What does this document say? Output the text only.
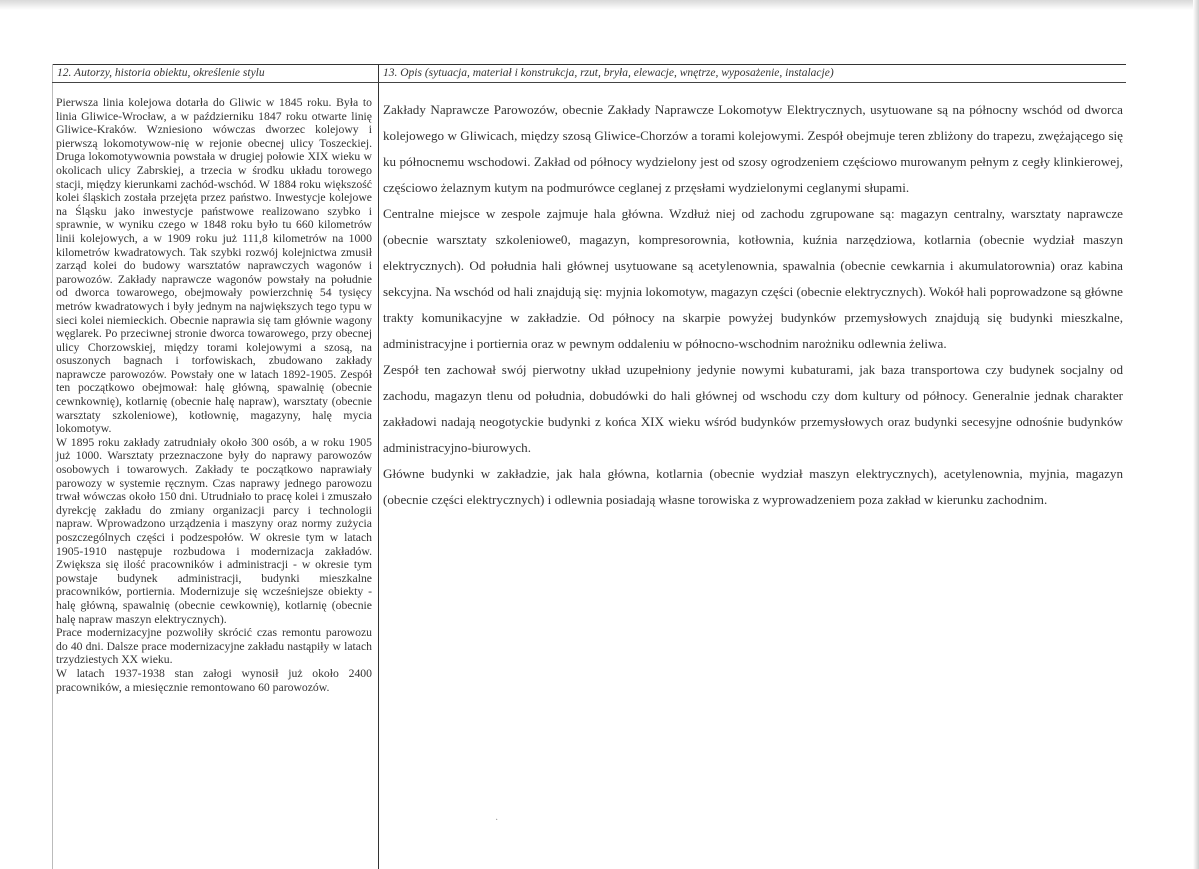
12. Autorzy, historia obiektu, określenie stylu	13. Opis (sytuacja, materiał i konstrukcja, rzut, bryła, elewacje, wnętrze, wyposażenie, instalacje)

Pierwsza linia kolejowa dotarła do Gliwic w 1845 roku. Była to linia Gliwice-Wrocław, a w październiku 1847 roku otwarte linię Gliwice-Kraków. Wzniesiono wówczas dworzec kolejowy i pierwszą lokomotywow-nię w rejonie obecnej ulicy Toszeckiej. Druga lokomotywownia powstała w drugiej połowie XIX wieku w okolicach ulicy Zabrskiej, a trzecia w środku układu torowego stacji, między kierunkami zachód-wschód. W 1884 roku większość kolei śląskich została przejęta przez państwo. Inwestycje kolejowe na Śląsku jako inwestycje państwowe realizowano szybko i sprawnie, w wyniku czego w 1848 roku było tu 660 kilometrów linii kolejowych, a w 1909 roku już 111,8 kilometrów na 1000 kilometrów kwadratowych. Tak szybki rozwój kolejnictwa zmusił zarząd kolei do budowy warsztatów naprawczych wagonów i parowozów. Zakłady naprawcze wagonów powstały na południe od dworca towarowego, obejmowały powierzchnię 54 tysięcy metrów kwadratowych i były jednym na największych tego typu w sieci kolei niemieckich. Obecnie naprawia się tam głównie wagony węglarek. Po przeciwnej stronie dworca towarowego, przy obecnej ulicy Chorzowskiej, między torami kolejowymi a szosą, na osuszonych bagnach i torfowiskach, zbudowano zakłady naprawcze parowozów. Powstały one w latach 1892-1905. Zespół ten początkowo obejmował: halę główną, spawalnię (obecnie cewnkownię), kotlarnię (obecnie halę napraw), warsztaty (obecnie warsztaty szkoleniowe), kotłownię, magazyny, halę mycia lokomotyw.

W 1895 roku zakłady zatrudniały około 300 osób, a w roku 1905 już 1000. Warsztaty przeznaczone były do naprawy parowozów osobowych i towarowych. Zakłady te początkowo naprawiały parowozy w systemie ręcznym. Czas naprawy jednego parowozu trwał wówczas około 150 dni. Utrudniało to pracę kolei i zmuszało dyrekcję zakładu do zmiany organizacji parcy i technologii napraw. Wprowadzono urządzenia i maszyny oraz normy zużycia poszczególnych części i podzespołów. W okresie tym w latach 1905-1910 następuje rozbudowa i modernizacja zakładów. Zwiększa się ilość pracowników i administracji - w okresie tym powstaje budynek administracji, budynki mieszkalne pracowników, portiernia. Modernizuje się wcześniejsze obiekty - halę główną, spawalnię (obecnie cewkownię), kotlarnię (obecnie halę napraw maszyn elektrycznych).

Prace modernizacyjne pozwoliły skrócić czas remontu parowozu do 40 dni. Dalsze prace modernizacyjne zakładu nastąpiły w latach trzydziestych XX wieku.

W latach 1937-1938 stan załogi wynosił już około 2400 pracowników, a miesięcznie remontowano 60 parowozów.

Zakłady Naprawcze Parowozów, obecnie Zakłady Naprawcze Lokomotyw Elektrycznych, usytuowane są na północny wschód od dworca kolejowego w Gliwicach, między szosą Gliwice-Chorzów a torami kolejowymi. Zespół obejmuje teren zbliżony do trapezu, zwężającego się ku północnemu wschodowi. Zakład od północy wydzielony jest od szosy ogrodzeniem częściowo murowanym pełnym z cegły klinkierowej, częściowo żelaznym kutym na podmurówce ceglanej z przęsłami wydzielonymi ceglanymi słupami.

Centralne miejsce w zespole zajmuje hala główna. Wzdłuż niej od zachodu zgrupowane są: magazyn centralny, warsztaty naprawcze (obecnie warsztaty szkoleniowe0, magazyn, kompresorownia, kotłownia, kuźnia narzędziowa, kotlarnia (obecnie wydział maszyn elektrycznych). Od południa hali głównej usytuowane są acetylenownia, spawalnia (obecnie cewkarnia i akumulatorownia) oraz kabina sekcyjna. Na wschód od hali znajdują się: myjnia lokomotyw, magazyn części (obecnie elektrycznych). Wokół hali poprowadzone są główne trakty komunikacyjne w zakładzie. Od północy na skarpie powyżej budynków przemysłowych znajdują się budynki mieszkalne, administracyjne i portiernia oraz w pewnym oddaleniu w północno-wschodnim narożniku odlewnia żeliwa.

Zespół ten zachował swój pierwotny układ uzupełniony jedynie nowymi kubaturami, jak baza transportowa czy budynek socjalny od zachodu, magazyn tlenu od południa, dobudówki do hali głównej od wschodu czy dom kultury od północy. Generalnie jednak charakter zakładowi nadają neogotyckie budynki z końca XIX wieku wśród budynków przemysłowych oraz budynki secesyjne odnośnie budynków administracyjno-biurowych.

Główne budynki w zakładzie, jak hala główna, kotlarnia (obecnie wydział maszyn elektrycznych), acetylenownia, myjnia, magazyn (obecnie części elektrycznych) i odlewnia posiadają własne torowiska z wyprowadzeniem poza zakład w kierunku zachodnim.

·
